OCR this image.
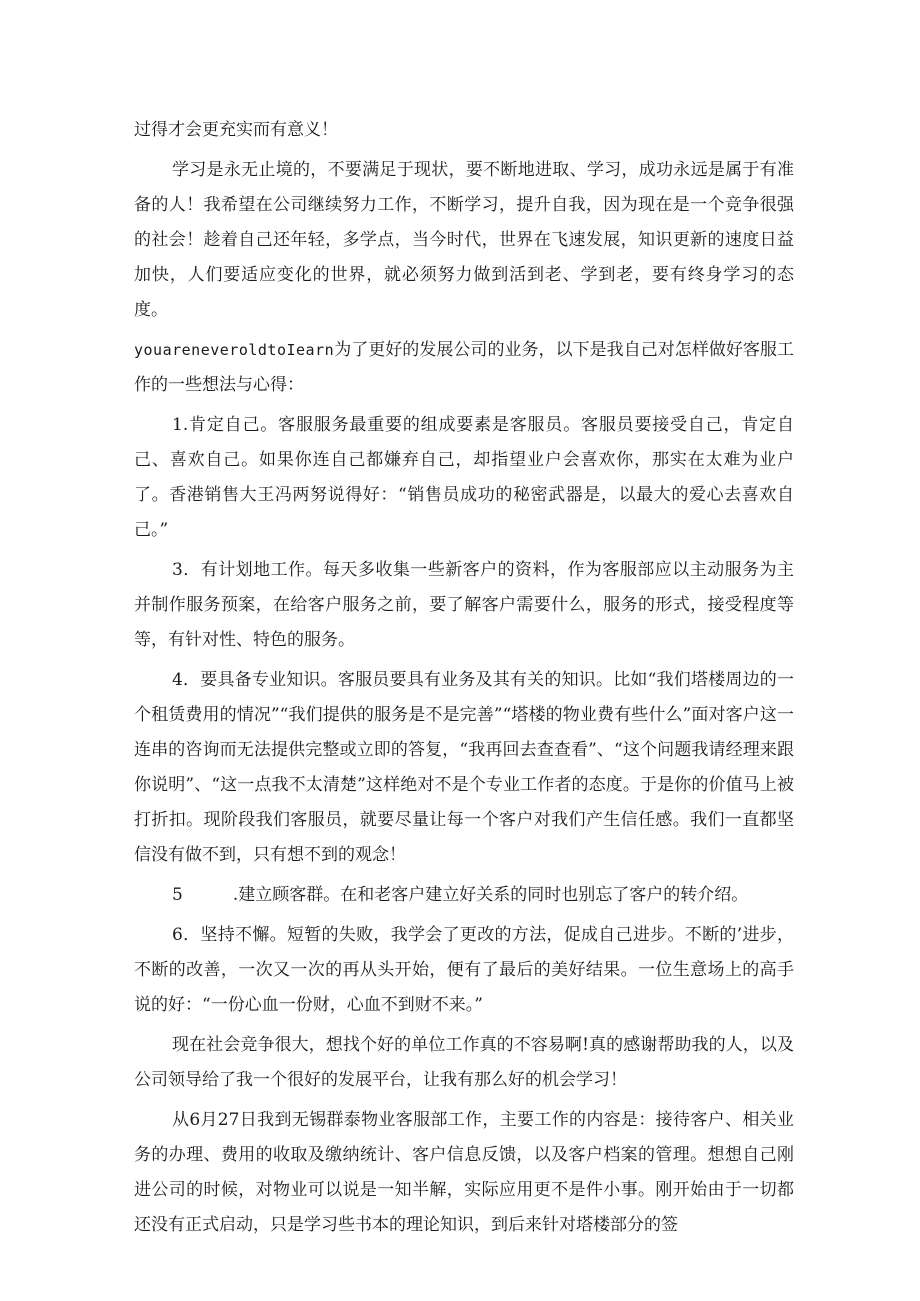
过得才会更充实而有意义！

学习是永无止境的，不要满足于现状，要不断地进取、学习，成功永远是属于有准备的人！我希望在公司继续努力工作，不断学习，提升自我，因为现在是一个竞争很强的社会！趁着自己还年轻，多学点，当今时代，世界在飞速发展，知识更新的速度日益加快，人们要适应变化的世界，就必须努力做到活到老、学到老，要有终身学习的态度。

youareneveroldtoIearn为了更好的发展公司的业务，以下是我自己对怎样做好客服工作的一些想法与心得：

1.肯定自己。客服服务最重要的组成要素是客服员。客服员要接受自己，肯定自己、喜欢自己。如果你连自己都嫌弃自己，却指望业户会喜欢你，那实在太难为业户了。香港销售大王冯两努说得好：“销售员成功的秘密武器是，以最大的爱心去喜欢自己。”

3．有计划地工作。每天多收集一些新客户的资料，作为客服部应以主动服务为主并制作服务预案，在给客户服务之前，要了解客户需要什么，服务的形式，接受程度等等，有针对性、特色的服务。

4．要具备专业知识。客服员要具有业务及其有关的知识。比如“我们塔楼周边的一个租赁费用的情况”“我们提供的服务是不是完善”“塔楼的物业费有些什么”面对客户这一连串的咨询而无法提供完整或立即的答复，“我再回去查查看”、“这个问题我请经理来跟你说明”、“这一点我不太清楚”这样绝对不是个专业工作者的态度。于是你的价值马上被打折扣。现阶段我们客服员，就要尽量让每一个客户对我们产生信任感。我们一直都坚信没有做不到，只有想不到的观念！

5	.建立顾客群。在和老客户建立好关系的同时也别忘了客户的转介绍。

6．坚持不懈。短暂的失败，我学会了更改的方法，促成自己进步。不断的’进步，不断的改善，一次又一次的再从头开始，便有了最后的美好结果。一位生意场上的高手说的好：“一份心血一份财，心血不到财不来。”

现在社会竞争很大，想找个好的单位工作真的不容易啊!真的感谢帮助我的人，以及公司领导给了我一个很好的发展平台，让我有那么好的机会学习！

从6月27日我到无锡群泰物业客服部工作，主要工作的内容是：接待客户、相关业务的办理、费用的收取及缴纳统计、客户信息反馈，以及客户档案的管理。想想自己刚进公司的时候，对物业可以说是一知半解，实际应用更不是件小事。刚开始由于一切都还没有正式启动，只是学习些书本的理论知识，到后来针对塔楼部分的签
